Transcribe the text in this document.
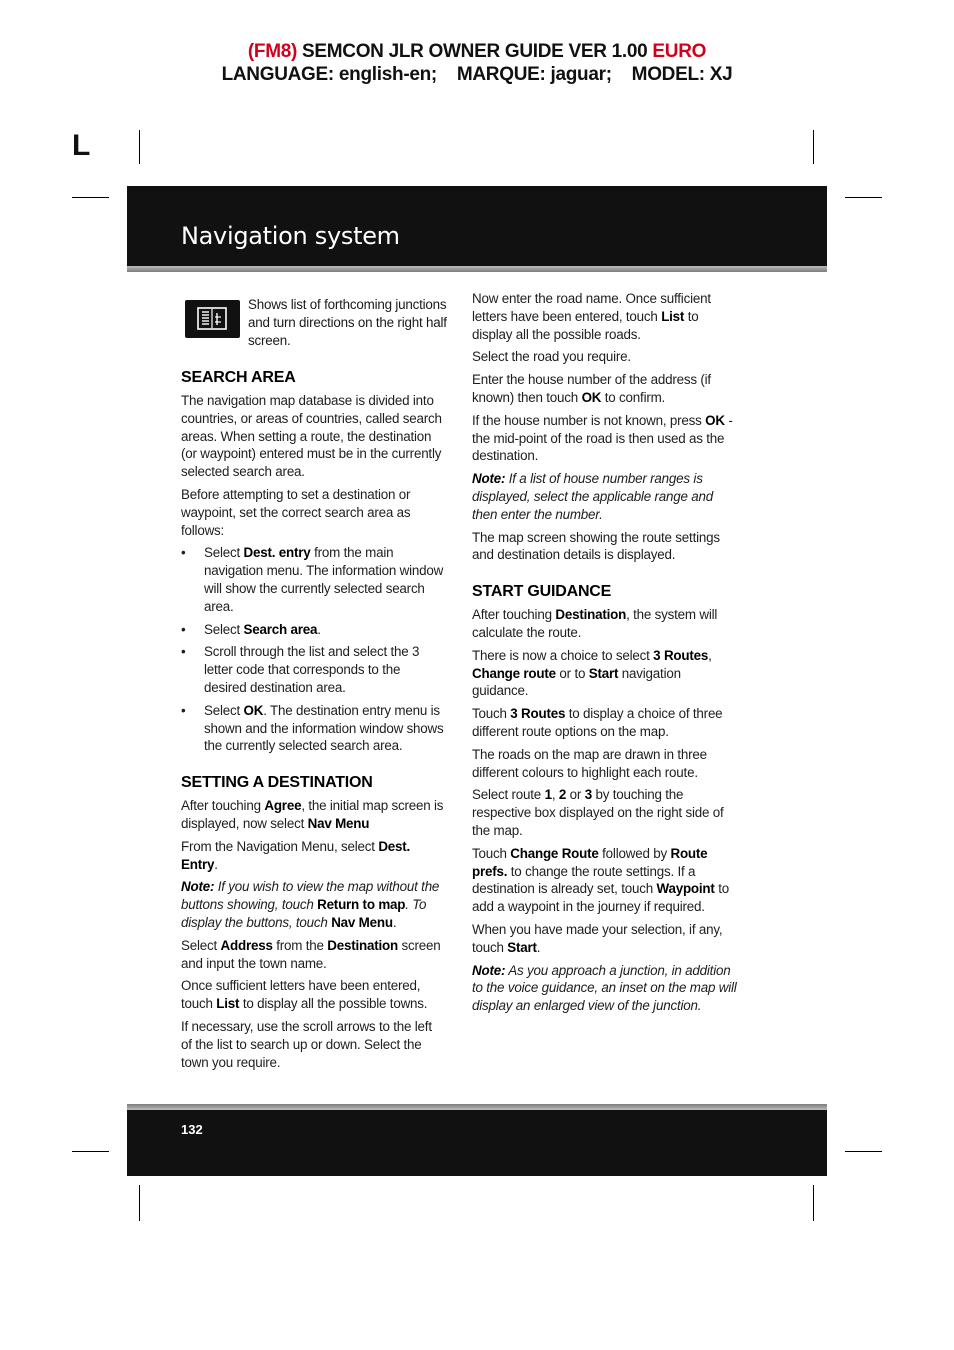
(FM8) SEMCON JLR OWNER GUIDE VER 1.00 EURO
LANGUAGE: english-en;    MARQUE: jaguar;    MODEL: XJ
L
Navigation system
Shows list of forthcoming junctions and turn directions on the right half screen.
SEARCH AREA

The navigation map database is divided into countries, or areas of countries, called search areas. When setting a route, the destination (or waypoint) entered must be in the currently selected search area.

Before attempting to set a destination or waypoint, set the correct search area as follows:

• Select Dest. entry from the main navigation menu. The information window will show the currently selected search area.
• Select Search area.
• Scroll through the list and select the 3 letter code that corresponds to the desired destination area.
• Select OK. The destination entry menu is shown and the information window shows the currently selected search area.
SETTING A DESTINATION

After touching Agree, the initial map screen is displayed, now select Nav Menu

From the Navigation Menu, select Dest. Entry.

Note: If you wish to view the map without the buttons showing, touch Return to map. To display the buttons, touch Nav Menu.

Select Address from the Destination screen and input the town name.

Once sufficient letters have been entered, touch List to display all the possible towns.

If necessary, use the scroll arrows to the left of the list to search up or down. Select the town you require.

Now enter the road name. Once sufficient letters have been entered, touch List to display all the possible roads.

Select the road you require.

Enter the house number of the address (if known) then touch OK to confirm.

If the house number is not known, press OK - the mid-point of the road is then used as the destination.

Note: If a list of house number ranges is displayed, select the applicable range and then enter the number.

The map screen showing the route settings and destination details is displayed.

START GUIDANCE

After touching Destination, the system will calculate the route.

There is now a choice to select 3 Routes, Change route or to Start navigation guidance.

Touch 3 Routes to display a choice of three different route options on the map.

The roads on the map are drawn in three different colours to highlight each route.

Select route 1, 2 or 3 by touching the respective box displayed on the right side of the map.

Touch Change Route followed by Route prefs. to change the route settings. If a destination is already set, touch Waypoint to add a waypoint in the journey if required.

When you have made your selection, if any, touch Start.

Note: As you approach a junction, in addition to the voice guidance, an inset on the map will display an enlarged view of the junction.

132
